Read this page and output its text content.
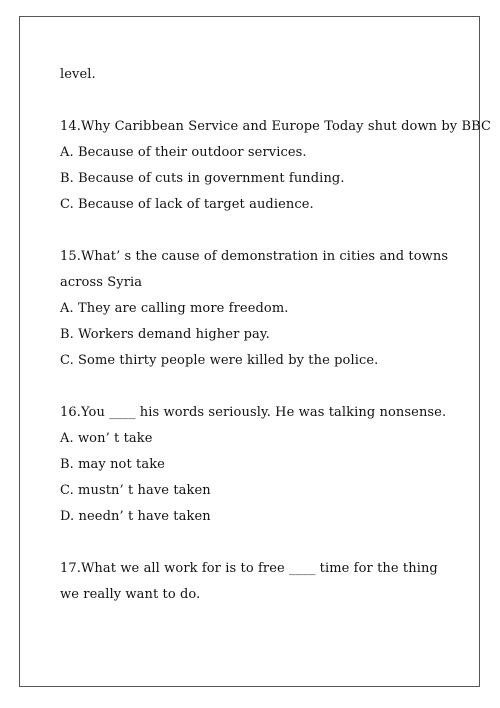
level.
14.Why Caribbean Service and Europe Today shut down by BBC
A. Because of their outdoor services.
B. Because of cuts in government funding.
C. Because of lack of target audience.
15.What’ s the cause of demonstration in cities and towns
across Syria
A. They are calling more freedom.
B. Workers demand higher pay.
C. Some thirty people were killed by the police.
16.You ____ his words seriously. He was talking nonsense.
A. won’ t take
B. may not take
C. mustn’ t have taken
D. needn’ t have taken
17.What we all work for is to free ____ time for the thing
we really want to do.
